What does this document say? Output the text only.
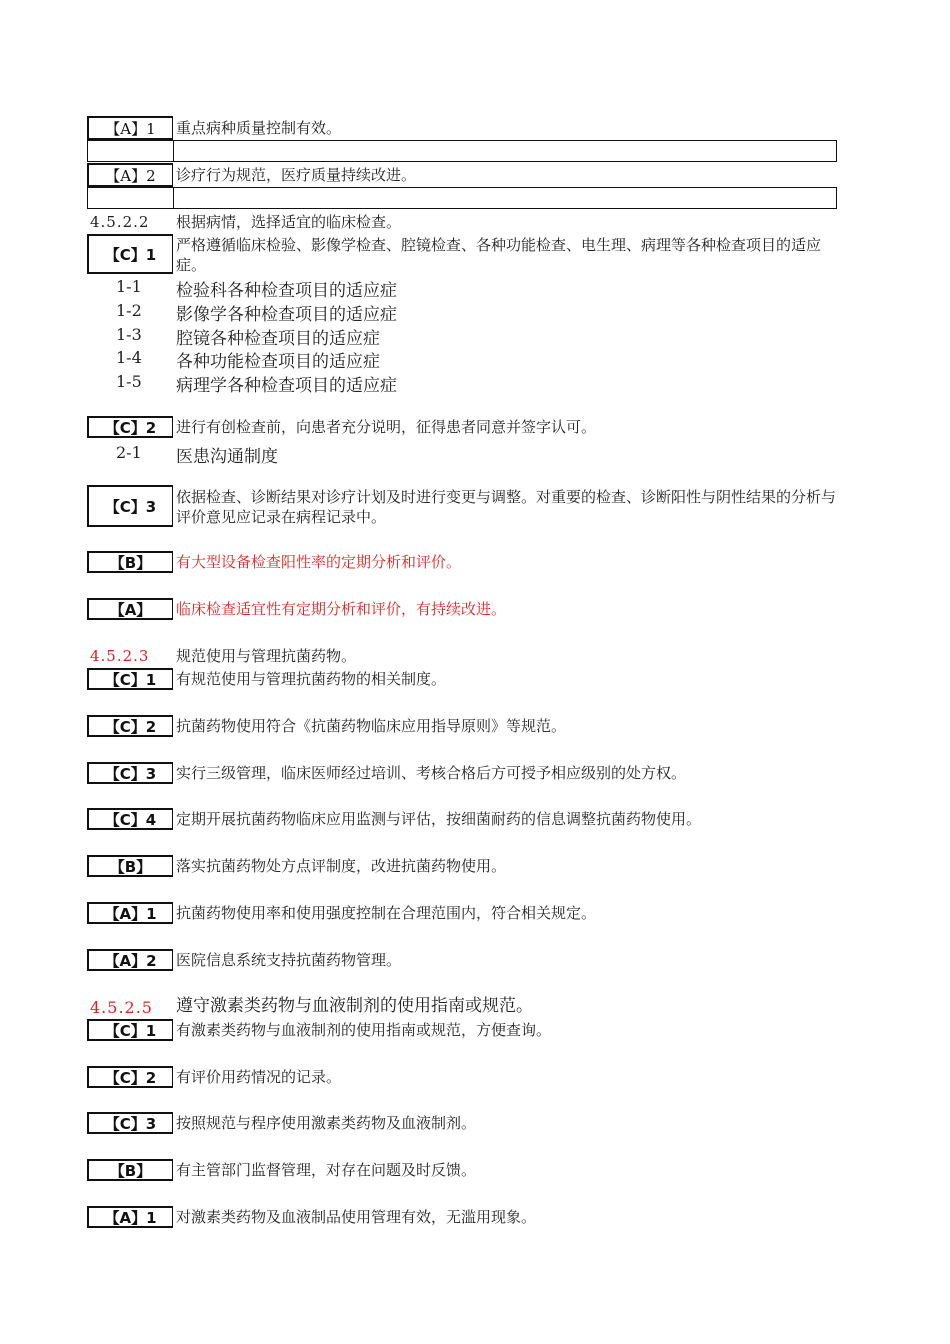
【A】1	重点病种质量控制有效。
【A】2	诊疗行为规范，医疗质量持续改进。
4.5.2.2 根据病情，选择适宜的临床检查。
【C】1
严格遵循临床检验、影像学检查、腔镜检查、各种功能检查、电生理、病理等各种检查项目的适应症。
1-1 检验科各种检查项目的适应症
1-2 影像学各种检查项目的适应症
1-3 腔镜各种检查项目的适应症
1-4 各种功能检查项目的适应症
1-5 病理学各种检查项目的适应症
【C】2	进行有创检查前，向患者充分说明，征得患者同意并签字认可。
2-1 医患沟通制度
【C】3
依据检查、诊断结果对诊疗计划及时进行变更与调整。对重要的检查、诊断阳性与阴性结果的分析与评价意见应记录在病程记录中。
【B】	有大型设备检查阳性率的定期分析和评价。
【A】	临床检查适宜性有定期分析和评价，有持续改进。
4.5.2.3 规范使用与管理抗菌药物。
【C】1	有规范使用与管理抗菌药物的相关制度。
【C】2	抗菌药物使用符合《抗菌药物临床应用指导原则》等规范。
【C】3	实行三级管理，临床医师经过培训、考核合格后方可授予相应级别的处方权。
【C】4	定期开展抗菌药物临床应用监测与评估，按细菌耐药的信息调整抗菌药物使用。
【B】	落实抗菌药物处方点评制度，改进抗菌药物使用。
【A】1	抗菌药物使用率和使用强度控制在合理范围内，符合相关规定。
【A】2	医院信息系统支持抗菌药物管理。
4.5.2.5 遵守激素类药物与血液制剂的使用指南或规范。
【C】1	有激素类药物与血液制剂的使用指南或规范，方便查询。
【C】2	有评价用药情况的记录。
【C】3	按照规范与程序使用激素类药物及血液制剂。
【B】	有主管部门监督管理，对存在问题及时反馈。
【A】1	对激素类药物及血液制品使用管理有效，无滥用现象。
